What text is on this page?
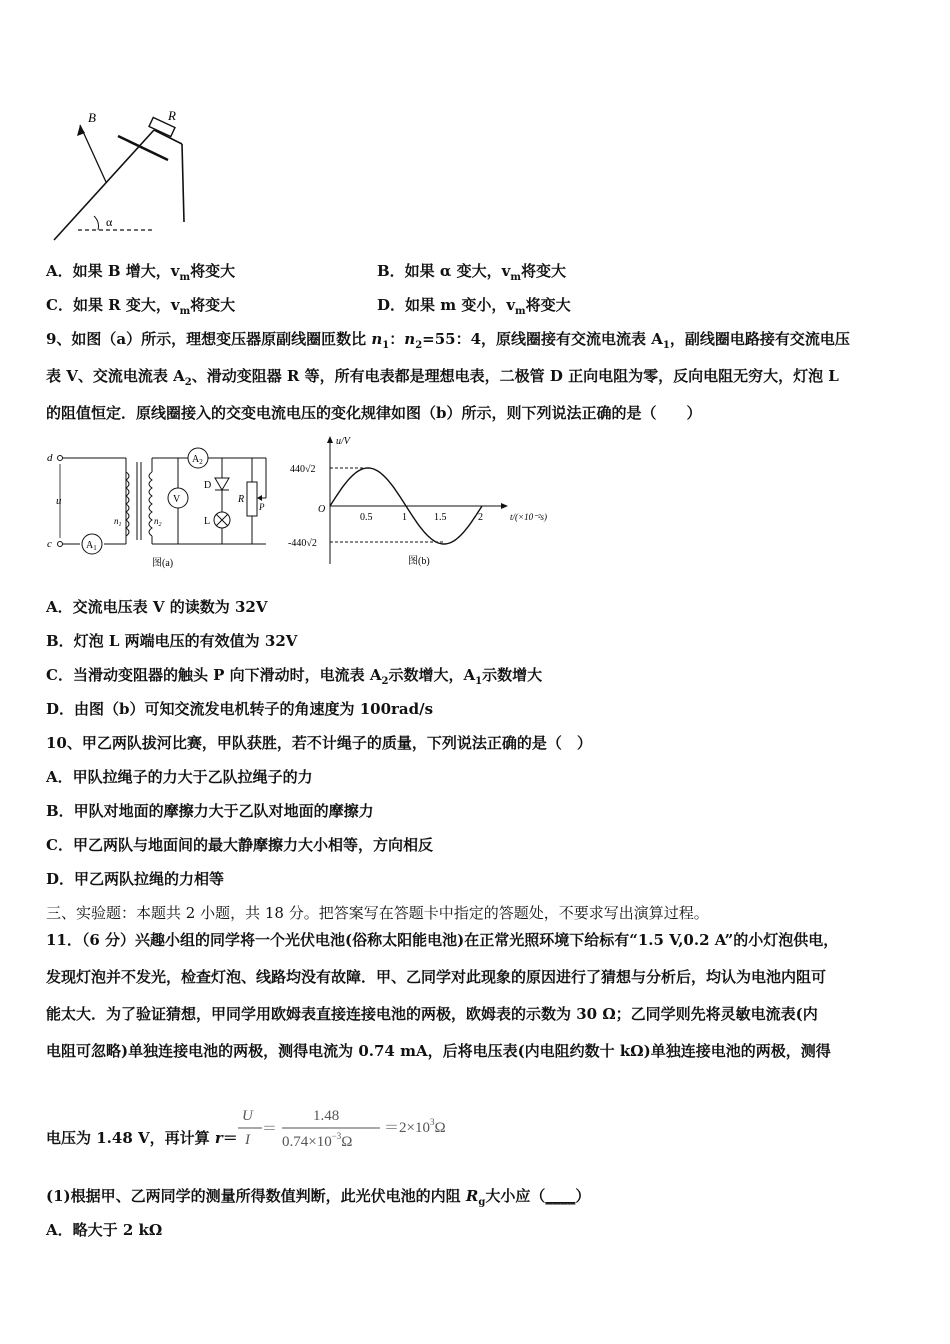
B	R
α
A．如果 B 增大，$v_m$将变大	B．如果 α 变大，$v_m$将变大
C．如果 R 变大，$v_m$将变大	D．如果 m 变小，$v_m$将变大
9、如图（a）所示，理想变压器原副线圈匝数比 $n_1$：$n_2=55$：4，原线圈接有交流电流表 $A_1$，副线圈电路接有交流电压
表 V、交流电流表 $A_2$、滑动变阻器 R 等，所有电表都是理想电表，二极管 D 正向电阻为零，反向电阻无穷大，灯泡 L
的阻值恒定．原线圈接入的交变电流电压的变化规律如图（b）所示，则下列说法正确的是（　　）
d
c
u
$A_1$
$A_2$
V
D
L
R
P
$n_1$	$n_2$
图(a)
u/V
440√2
-440√2
O
0.5	1	1.5	2	t/(×10⁻²s)
图(b)
A．交流电压表 V 的读数为 32V
B．灯泡 L 两端电压的有效值为 32V
C．当滑动变阻器的触头 P 向下滑动时，电流表 $A_2$示数增大，$A_1$示数增大
D．由图（b）可知交流发电机转子的角速度为 100rad/s
10、甲乙两队拔河比赛，甲队获胜，若不计绳子的质量，下列说法正确的是（　）
A．甲队拉绳子的力大于乙队拉绳子的力
B．甲队对地面的摩擦力大于乙队对地面的摩擦力
C．甲乙两队与地面间的最大静摩擦力大小相等，方向相反
D．甲乙两队拉绳的力相等
三、实验题：本题共 2 小题，共 18 分。把答案写在答题卡中指定的答题处，不要求写出演算过程。
11．（6 分）兴趣小组的同学将一个光伏电池(俗称太阳能电池)在正常光照环境下给标有“1.5 V,0.2 A”的小灯泡供电，
发现灯泡并不发光，检查灯泡、线路均没有故障．甲、乙同学对此现象的原因进行了猜想与分析后，均认为电池内阻可
能太大．为了验证猜想，甲同学用欧姆表直接连接电池的两极，欧姆表的示数为 30 Ω；乙同学则先将灵敏电流表(内
电阻可忽略)单独连接电池的两极，测得电流为 0.74 mA，后将电压表(内电阻约数十 kΩ)单独连接电池的两极，测得
电压为 1.48 V，再计算 r＝
U
I
＝
1.48
$0.74\times 10^{-3}\Omega$
$=2\times 10^3\Omega$
(1)根据甲、乙两同学的测量所得数值判断，此光伏电池的内阻 $R_g$大小应（____）
A．略大于 2 kΩ
